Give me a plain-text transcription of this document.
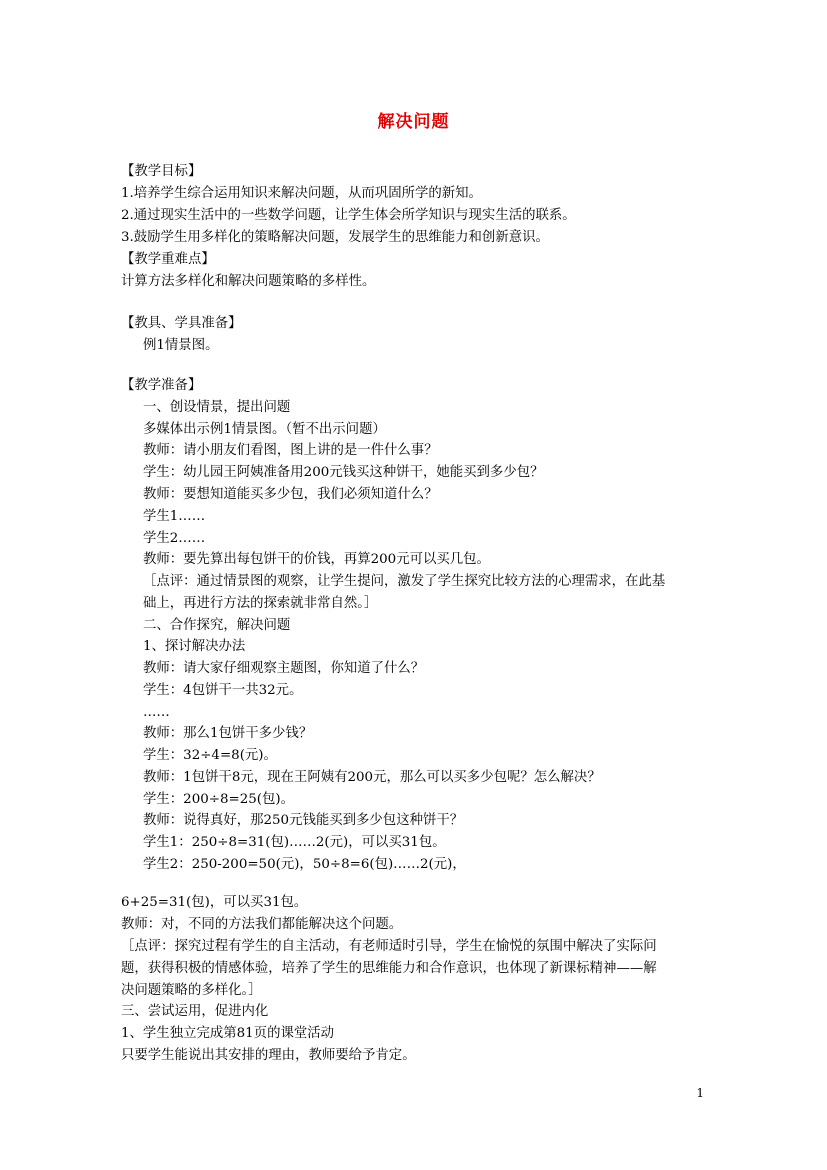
解决问题
【教学目标】
1.培养学生综合运用知识来解决问题，从而巩固所学的新知。
2.通过现实生活中的一些数学问题，让学生体会所学知识与现实生活的联系。
3.鼓励学生用多样化的策略解决问题，发展学生的思维能力和创新意识。
【教学重难点】
计算方法多样化和解决问题策略的多样性。
【教具、学具准备】
例1情景图。
【教学准备】
一、创设情景，提出问题
多媒体出示例1情景图。（暂不出示问题）
教师：请小朋友们看图，图上讲的是一件什么事？
学生：幼儿园王阿姨准备用200元钱买这种饼干，她能买到多少包？
教师：要想知道能买多少包，我们必须知道什么？
学生1……
学生2……
教师：要先算出每包饼干的价钱，再算200元可以买几包。
［点评：通过情景图的观察，让学生提问，激发了学生探究比较方法的心理需求，在此基
础上，再进行方法的探索就非常自然。］
二、合作探究，解决问题
1、探讨解决办法
教师：请大家仔细观察主题图，你知道了什么？
学生：4包饼干一共32元。
……
教师：那么1包饼干多少钱？
学生：32÷4=8(元)。
教师：1包饼干8元，现在王阿姨有200元，那么可以买多少包呢？怎么解决？
学生：200÷8=25(包)。
教师：说得真好，那250元钱能买到多少包这种饼干？
学生1：250÷8=31(包)……2(元)，可以买31包。
学生2：250-200=50(元)，50÷8=6(包)……2(元)，
6+25=31(包)，可以买31包。
教师：对，不同的方法我们都能解决这个问题。
［点评：探究过程有学生的自主活动，有老师适时引导，学生在愉悦的氛围中解决了实际问
题，获得积极的情感体验，培养了学生的思维能力和合作意识，也体现了新课标精神——解
决问题策略的多样化。］
三、尝试运用，促进内化
1、学生独立完成第81页的课堂活动
只要学生能说出其安排的理由，教师要给予肯定。
1
